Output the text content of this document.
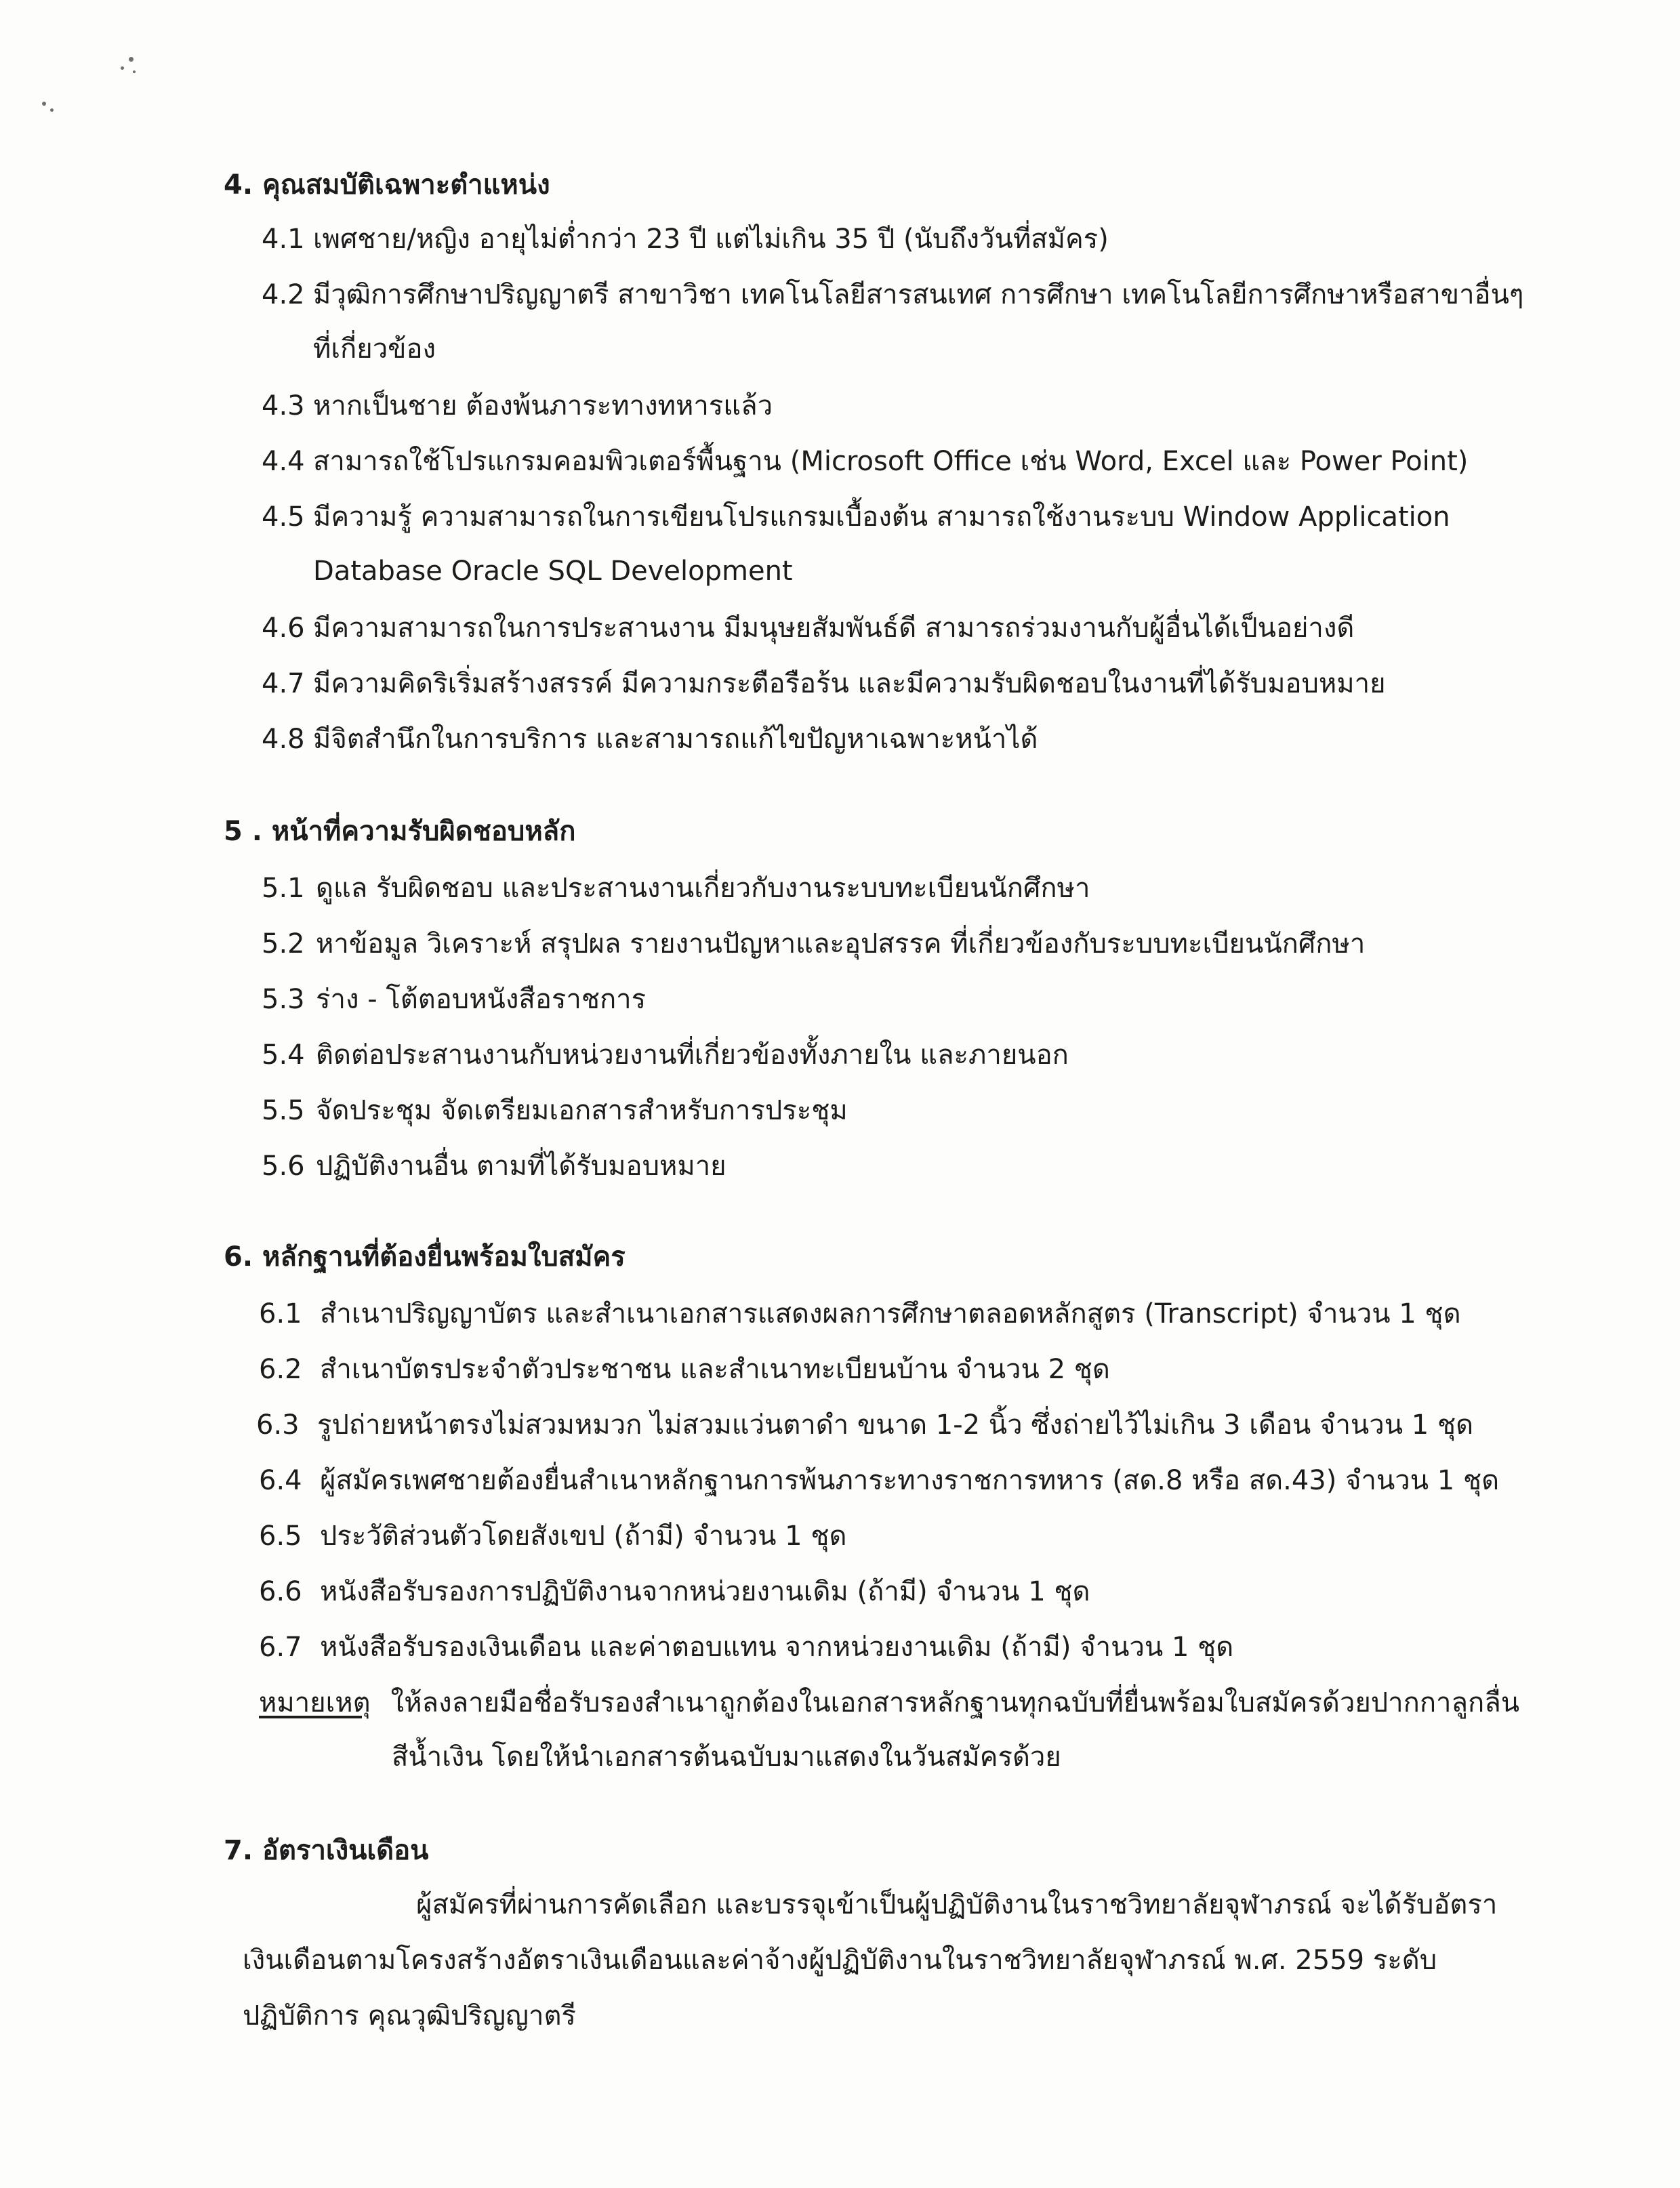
4. คุณสมบัติเฉพาะตำแหน่ง
4.1 เพศชาย/หญิง อายุไม่ต่ำกว่า 23 ปี แต่ไม่เกิน 35 ปี (นับถึงวันที่สมัคร)
4.2 มีวุฒิการศึกษาปริญญาตรี สาขาวิชา เทคโนโลยีสารสนเทศ การศึกษา เทคโนโลยีการศึกษาหรือสาขาอื่นๆ
ที่เกี่ยวข้อง
4.3 หากเป็นชาย ต้องพ้นภาระทางทหารแล้ว
4.4 สามารถใช้โปรแกรมคอมพิวเตอร์พื้นฐาน (Microsoft Office เช่น Word, Excel และ Power Point)
4.5 มีความรู้ ความสามารถในการเขียนโปรแกรมเบื้องต้น สามารถใช้งานระบบ Window Application
Database Oracle SQL Development
4.6 มีความสามารถในการประสานงาน มีมนุษยสัมพันธ์ดี สามารถร่วมงานกับผู้อื่นได้เป็นอย่างดี
4.7 มีความคิดริเริ่มสร้างสรรค์ มีความกระตือรือร้น และมีความรับผิดชอบในงานที่ได้รับมอบหมาย
4.8 มีจิตสำนึกในการบริการ และสามารถแก้ไขปัญหาเฉพาะหน้าได้
5 . หน้าที่ความรับผิดชอบหลัก
5.1 ดูแล รับผิดชอบ และประสานงานเกี่ยวกับงานระบบทะเบียนนักศึกษา
5.2 หาข้อมูล วิเคราะห์ สรุปผล รายงานปัญหาและอุปสรรค ที่เกี่ยวข้องกับระบบทะเบียนนักศึกษา
5.3 ร่าง - โต้ตอบหนังสือราชการ
5.4 ติดต่อประสานงานกับหน่วยงานที่เกี่ยวข้องทั้งภายใน และภายนอก
5.5 จัดประชุม จัดเตรียมเอกสารสำหรับการประชุม
5.6 ปฏิบัติงานอื่น ตามที่ได้รับมอบหมาย
6. หลักฐานที่ต้องยื่นพร้อมใบสมัคร
6.1 สำเนาปริญญาบัตร และสำเนาเอกสารแสดงผลการศึกษาตลอดหลักสูตร (Transcript) จำนวน 1 ชุด
6.2 สำเนาบัตรประจำตัวประชาชน และสำเนาทะเบียนบ้าน จำนวน 2 ชุด
6.3 รูปถ่ายหน้าตรงไม่สวมหมวก ไม่สวมแว่นตาดำ ขนาด 1-2 นิ้ว ซึ่งถ่ายไว้ไม่เกิน 3 เดือน จำนวน 1 ชุด
6.4 ผู้สมัครเพศชายต้องยื่นสำเนาหลักฐานการพ้นภาระทางราชการทหาร (สด.8 หรือ สด.43) จำนวน 1 ชุด
6.5 ประวัติส่วนตัวโดยสังเขป (ถ้ามี) จำนวน 1 ชุด
6.6 หนังสือรับรองการปฏิบัติงานจากหน่วยงานเดิม (ถ้ามี) จำนวน 1 ชุด
6.7 หนังสือรับรองเงินเดือน และค่าตอบแทน จากหน่วยงานเดิม (ถ้ามี) จำนวน 1 ชุด
หมายเหตุ ให้ลงลายมือชื่อรับรองสำเนาถูกต้องในเอกสารหลักฐานทุกฉบับที่ยื่นพร้อมใบสมัครด้วยปากกาลูกลื่น
สีน้ำเงิน โดยให้นำเอกสารต้นฉบับมาแสดงในวันสมัครด้วย
7. อัตราเงินเดือน
ผู้สมัครที่ผ่านการคัดเลือก และบรรจุเข้าเป็นผู้ปฏิบัติงานในราชวิทยาลัยจุฬาภรณ์ จะได้รับอัตรา
เงินเดือนตามโครงสร้างอัตราเงินเดือนและค่าจ้างผู้ปฏิบัติงานในราชวิทยาลัยจุฬาภรณ์ พ.ศ. 2559 ระดับ
ปฏิบัติการ คุณวุฒิปริญญาตรี
